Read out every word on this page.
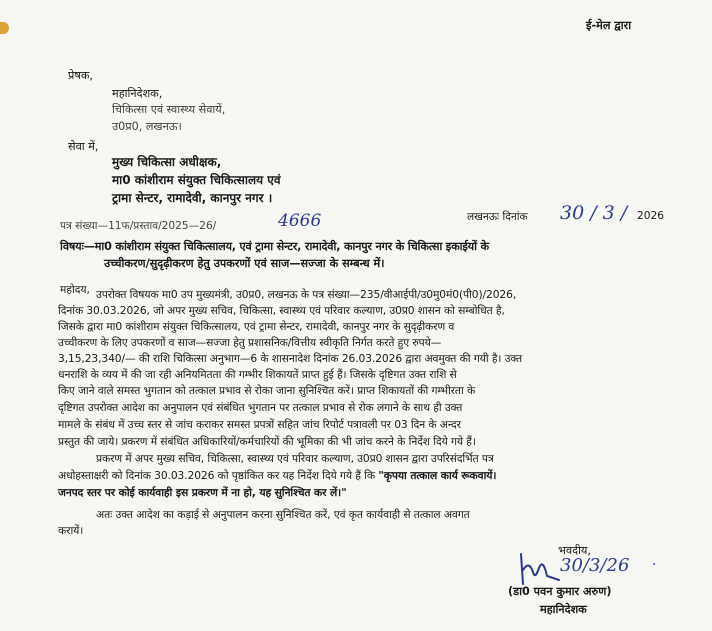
ई-मेल द्वारा
प्रेषक,
महानिदेशक,
चिकित्सा एवं स्वास्थ्य सेवायें,
उ0प्र0, लखनऊ।
सेवा में,
मुख्य चिकित्सा अधीक्षक,
मा0 कांशीराम संयुक्त चिकित्सालय एवं
ट्रामा सेन्टर, रामादेवी, कानपुर नगर ।
पत्र संख्या—11फ/प्रस्ताव/2025—26/	4666	लखनऊः दिनांक 30 / 3 / 2026
विषयः—मा0 कांशीराम संयुक्त चिकित्सालय, एवं ट्रामा सेन्टर, रामादेवी, कानपुर नगर के चिकित्सा इकाईयों के
उच्चीकरण/सुदृढ़ीकरण हेतु उपकरणों एवं साज—सज्जा के सम्बन्ध में।
महोदय, उपरोक्त विषयक मा0 उप मुख्यमंत्री, उ0प्र0, लखनऊ के पत्र संख्या—235/वीआईपी/उ0मु0मं0(पी0)/2026,
दिनांक 30.03.2026, जो अपर मुख्य सचिव, चिकित्सा, स्वास्थ्य एवं परिवार कल्याण, उ0प्र0 शासन को सम्बोधित है,
जिसके द्वारा मा0 कांशीराम संयुक्त चिकित्सालय, एवं ट्रामा सेन्टर, रामादेवी, कानपुर नगर के सुदृढ़ीकरण व
उच्चीकरण के लिए उपकरणों व साज—सज्जा हेतु प्रशासनिक/वित्तीय स्वीकृति निर्गत करते हुए रुपये—
3,15,23,340/— की राशि चिकित्सा अनुभाग—6 के शासनादेश दिनांक 26.03.2026 द्वारा अवमुक्त की गयी है। उक्त
धनराशि के व्यय में की जा रही अनियमितता की गम्भीर शिकायतें प्राप्त हुई हैं। जिसके दृष्टिगत उक्त राशि से
किए जाने वाले समस्त भुगतान को तत्काल प्रभाव से रोका जाना सुनिश्चित करें। प्राप्त शिकायतों की गम्भीरता के
दृष्टिगत उपरोक्त आदेश का अनुपालन एवं संबंधित भुगतान पर तत्काल प्रभाव से रोक लगाने के साथ ही उक्त
मामले के संबंध में उच्च स्तर से जांच कराकर समस्त प्रपत्रों सहित जांच रिपोर्ट पत्रावली पर 03 दिन के अन्दर
प्रस्तुत की जाये। प्रकरण में संबंधित अधिकारियों/कर्मचारियों की भूमिका की भी जांच करने के निर्देश दिये गये हैं।
प्रकरण में अपर मुख्य सचिव, चिकित्सा, स्वास्थ्य एवं परिवार कल्याण, उ0प्र0 शासन द्वारा उपरिसंदर्भित पत्र
अधोहस्ताक्षरी को दिनांक 30.03.2026 को पृष्ठांकित कर यह निर्देश दिये गये हैं कि "कृपया तत्काल कार्य रूकवायें।
जनपद स्तर पर कोई कार्यवाही इस प्रकरण में ना हो, यह सुनिश्चित कर लें।"
अतः उक्त आदेश का कड़ाई से अनुपालन करना सुनिश्चित करें, एवं कृत कार्यवाही से तत्काल अवगत
करायें।
भवदीय,
30/3/26 ·
(डा0 पवन कुमार अरुण)
महानिदेशक
